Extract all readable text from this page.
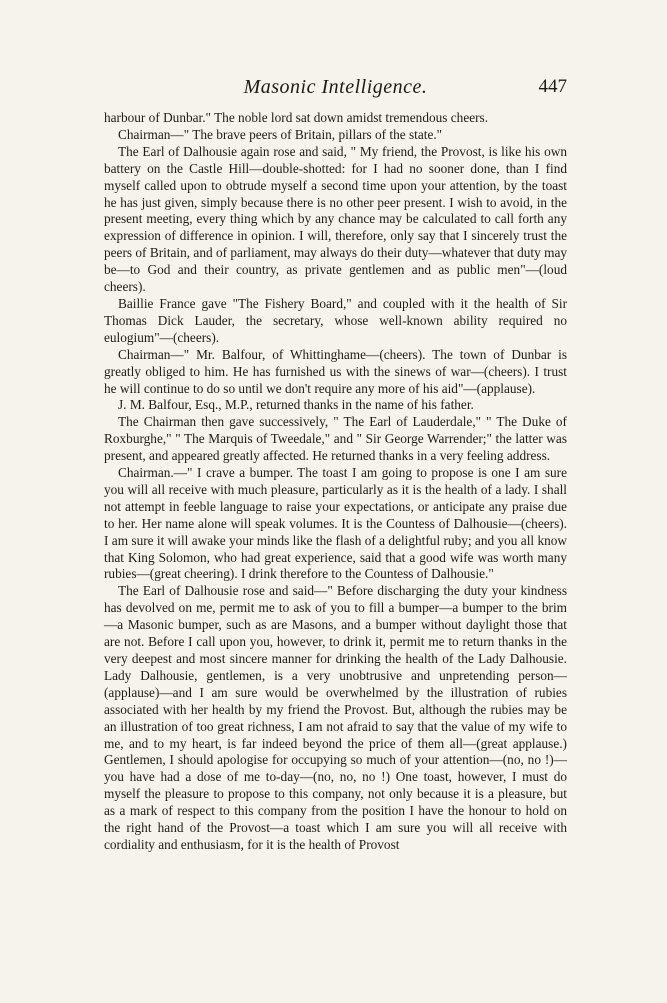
Masonic Intelligence.	447

harbour of Dunbar." The noble lord sat down amidst tremendous cheers.

Chairman—" The brave peers of Britain, pillars of the state."

The Earl of Dalhousie again rose and said, " My friend, the Provost, is like his own battery on the Castle Hill—double-shotted: for I had no sooner done, than I find myself called upon to obtrude myself a second time upon your attention, by the toast he has just given, simply because there is no other peer present. I wish to avoid, in the present meeting, every thing which by any chance may be calculated to call forth any expression of difference in opinion. I will, therefore, only say that I sincerely trust the peers of Britain, and of parliament, may always do their duty—whatever that duty may be—to God and their country, as private gentlemen and as public men"—(loud cheers).

Baillie France gave "The Fishery Board," and coupled with it the health of Sir Thomas Dick Lauder, the secretary, whose well-known ability required no eulogium"—(cheers).

Chairman—" Mr. Balfour, of Whittinghame—(cheers). The town of Dunbar is greatly obliged to him. He has furnished us with the sinews of war—(cheers). I trust he will continue to do so until we don't require any more of his aid"—(applause).

J. M. Balfour, Esq., M.P., returned thanks in the name of his father.

The Chairman then gave successively, " The Earl of Lauderdale," " The Duke of Roxburghe," " The Marquis of Tweedale," and " Sir George Warrender;" the latter was present, and appeared greatly affected. He returned thanks in a very feeling address.

Chairman.—" I crave a bumper. The toast I am going to propose is one I am sure you will all receive with much pleasure, particularly as it is the health of a lady. I shall not attempt in feeble language to raise your expectations, or anticipate any praise due to her. Her name alone will speak volumes. It is the Countess of Dalhousie—(cheers). I am sure it will awake your minds like the flash of a delightful ruby; and you all know that King Solomon, who had great experience, said that a good wife was worth many rubies—(great cheering). I drink therefore to the Countess of Dalhousie."

The Earl of Dalhousie rose and said—" Before discharging the duty your kindness has devolved on me, permit me to ask of you to fill a bumper—a bumper to the brim—a Masonic bumper, such as are Masons, and a bumper without daylight those that are not. Before I call upon you, however, to drink it, permit me to return thanks in the very deepest and most sincere manner for drinking the health of the Lady Dalhousie. Lady Dalhousie, gentlemen, is a very unobtrusive and unpretending person—(applause)—and I am sure would be overwhelmed by the illustration of rubies associated with her health by my friend the Provost. But, although the rubies may be an illustration of too great richness, I am not afraid to say that the value of my wife to me, and to my heart, is far indeed beyond the price of them all—(great applause.) Gentlemen, I should apologise for occupying so much of your attention—(no, no !)—you have had a dose of me to-day—(no, no, no !) One toast, however, I must do myself the pleasure to propose to this company, not only because it is a pleasure, but as a mark of respect to this company from the position I have the honour to hold on the right hand of the Provost—a toast which I am sure you will all receive with cordiality and enthusiasm, for it is the health of Provost
